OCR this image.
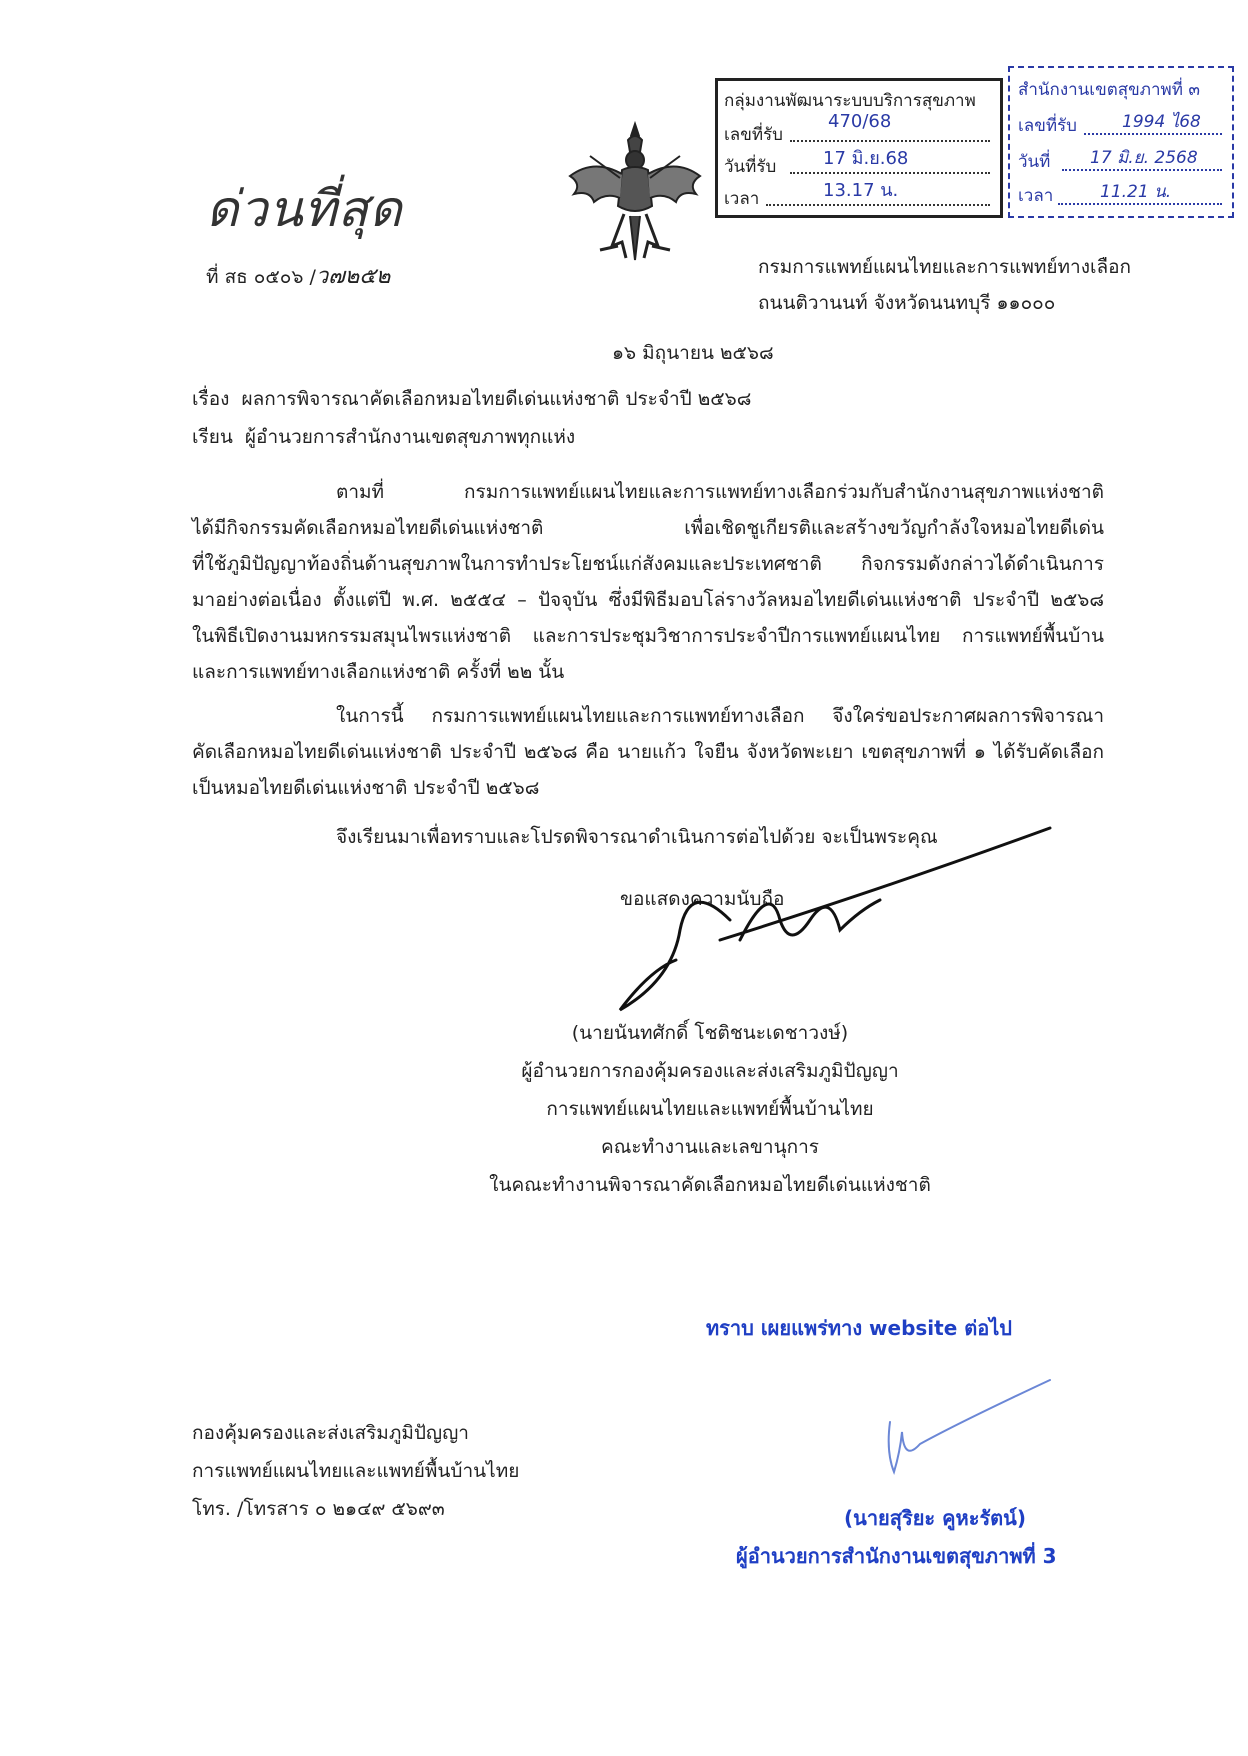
ด่วนที่สุด
ที่ สธ ๐๕๐๖ /ว๗๒๕๒
กลุ่มงานพัฒนาระบบบริการสุขภาพ
เลขที่รับ
470/68
วันที่รับ	17 มิ.ย.68
เวลา	13.17 น.
สำนักงานเขตสุขภาพที่ ๓
เลขที่รับ	1994 ไ68
วันที่ 17 มิ.ย. 2568
เวลา	11.21 น.
กรมการแพทย์แผนไทยและการแพทย์ทางเลือก
ถนนติวานนท์ จังหวัดนนทบุรี ๑๑๐๐๐
๑๖ มิถุนายน ๒๕๖๘
เรื่อง ผลการพิจารณาคัดเลือกหมอไทยดีเด่นแห่งชาติ ประจำปี ๒๕๖๘
เรียน ผู้อำนวยการสำนักงานเขตสุขภาพทุกแห่ง
ตามที่ กรมการแพทย์แผนไทยและการแพทย์ทางเลือกร่วมกับสำนักงานสุขภาพแห่งชาติ
ได้มีกิจกรรมคัดเลือกหมอไทยดีเด่นแห่งชาติ เพื่อเชิดชูเกียรติและสร้างขวัญกำลังใจหมอไทยดีเด่น
ที่ใช้ภูมิปัญญาท้องถิ่นด้านสุขภาพในการทำประโยชน์แก่สังคมและประเทศชาติ กิจกรรมดังกล่าวได้ดำเนินการ
มาอย่างต่อเนื่อง ตั้งแต่ปี พ.ศ. ๒๕๕๔ – ปัจจุบัน ซึ่งมีพิธีมอบโล่รางวัลหมอไทยดีเด่นแห่งชาติ ประจำปี ๒๕๖๘
ในพิธีเปิดงานมหกรรมสมุนไพรแห่งชาติ และการประชุมวิชาการประจำปีการแพทย์แผนไทย การแพทย์พื้นบ้าน
และการแพทย์ทางเลือกแห่งชาติ ครั้งที่ ๒๒ นั้น
ในการนี้ กรมการแพทย์แผนไทยและการแพทย์ทางเลือก จึงใคร่ขอประกาศผลการพิจารณา
คัดเลือกหมอไทยดีเด่นแห่งชาติ ประจำปี ๒๕๖๘ คือ นายแก้ว ใจยืน จังหวัดพะเยา เขตสุขภาพที่ ๑ ได้รับคัดเลือก
เป็นหมอไทยดีเด่นแห่งชาติ ประจำปี ๒๕๖๘
จึงเรียนมาเพื่อทราบและโปรดพิจารณาดำเนินการต่อไปด้วย จะเป็นพระคุณ
ขอแสดงความนับถือ
(นายนันทศักดิ์ โชติชนะเดชาวงษ์)
ผู้อำนวยการกองคุ้มครองและส่งเสริมภูมิปัญญา
การแพทย์แผนไทยและแพทย์พื้นบ้านไทย
คณะทำงานและเลขานุการ
ในคณะทำงานพิจารณาคัดเลือกหมอไทยดีเด่นแห่งชาติ
ทราบ เผยแพร่ทาง website ต่อไป
(นายสุริยะ คูหะรัตน์)
ผู้อำนวยการสำนักงานเขตสุขภาพที่ 3
กองคุ้มครองและส่งเสริมภูมิปัญญา
การแพทย์แผนไทยและแพทย์พื้นบ้านไทย
โทร. /โทรสาร ๐ ๒๑๔๙ ๕๖๙๓
